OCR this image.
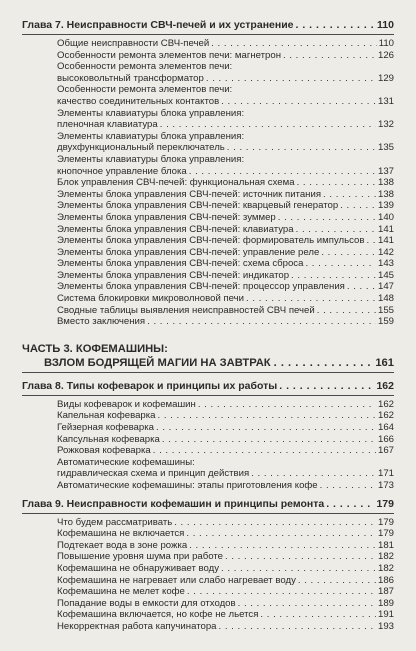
Глава 7. Неисправности СВЧ-печей и их устранение . . .	110
Общие неисправности СВЧ-печей . . .	110
Особенности ремонта элементов печи: магнетрон . . .	126
Особенности ремонта элементов печи:
высоковольтный трансформатор . . .	129
Особенности ремонта элементов печи:
качество соединительных контактов . . .	131
Элементы клавиатуры блока управления:
пленочная клавиатура . . .	132
Элементы клавиатуры блока управления:
двухфункциональный переключатель . . .	135
Элементы клавиатуры блока управления:
кнопочное управление блока . . .	137
Блок управления СВЧ-печей: функциональная схема . . .	138
Элементы блока управления СВЧ-печей: источник питания . . .	138
Элементы блока управления СВЧ-печей: кварцевый генератор . . .	139
Элементы блока управления СВЧ-печей: зуммер . . .	140
Элементы блока управления СВЧ-печей: клавиатура . . .	141
Элементы блока управления СВЧ-печей: формирователь импульсов . . . 141
Элементы блока управления СВЧ-печей: управление реле . . .	142
Элементы блока управления СВЧ-печей: схема сброса . . .	143
Элементы блока управления СВЧ-печей: индикатор . . .	145
Элементы блока управления СВЧ-печей: процессор управления . . .	147
Система блокировки микроволновой печи . . .	148
Сводные таблицы выявления неисправностей СВЧ печей . . .	155
Вместо заключения . . .	159
ЧАСТЬ 3. КОФЕМАШИНЫ:
ВЗЛОМ БОДРЯЩЕЙ МАГИИ НА ЗАВТРАК . . .	161
Глава 8. Типы кофеварок и принципы их работы . . .	162
Виды кофеварок и кофемашин . . .	162
Капельная кофеварка . . .	162
Гейзерная кофеварка . . .	164
Капсульная кофеварка . . .	166
Рожковая кофеварка . . .	167
Автоматические кофемашины:
гидравлическая схема и принцип действия . . .	171
Автоматические кофемашины: этапы приготовления кофе . . .	173
Глава 9. Неисправности кофемашин и принципы ремонта . . .	179
Что будем рассматривать . . .	179
Кофемашина не включается . . .	179
Подтекает вода в зоне рожка . . .	181
Повышение уровня шума при работе . . .	182
Кофемашина не обнаруживает воду . . .	182
Кофемашина не нагревает или слабо нагревает воду . . .	186
Кофемашина не мелет кофе . . .	187
Попадание воды в емкости для отходов . . .	189
Кофемашина включается, но кофе не льется . . .	191
Некорректная работа капучинатора . . .	193
